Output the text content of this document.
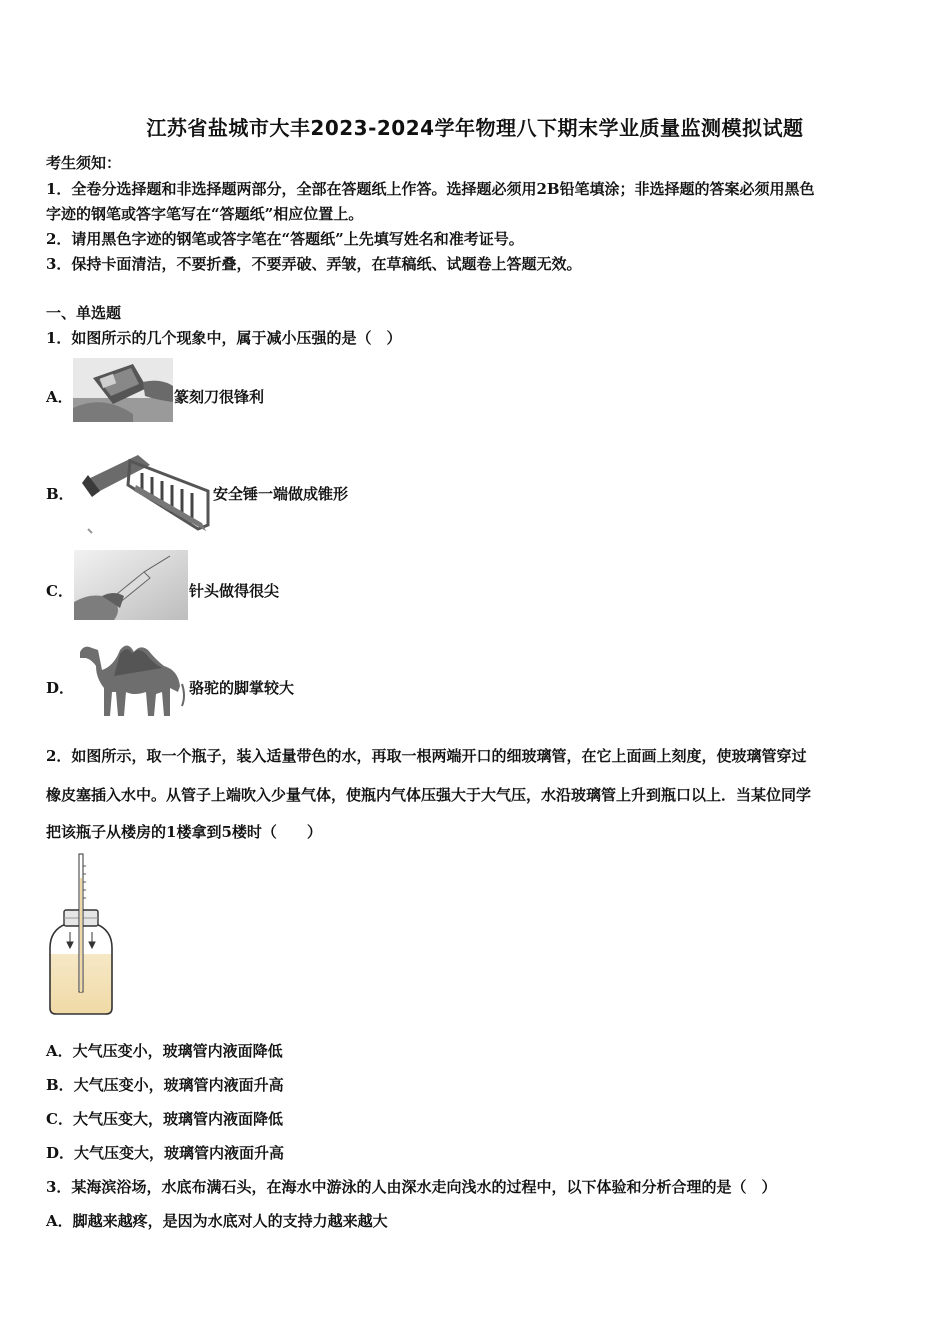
江苏省盐城市大丰2023-2024学年物理八下期末学业质量监测模拟试题
考生须知：
1．全卷分选择题和非选择题两部分，全部在答题纸上作答。选择题必须用2B铅笔填涂；非选择题的答案必须用黑色
字迹的钢笔或答字笔写在“答题纸”相应位置上。
2．请用黑色字迹的钢笔或答字笔在“答题纸”上先填写姓名和准考证号。
3．保持卡面清洁，不要折叠，不要弄破、弄皱，在草稿纸、试题卷上答题无效。
一、单选题
1．如图所示的几个现象中，属于减小压强的是（　）
A．	篆刻刀很锋利
B．	安全锤一端做成锥形
C．	针头做得很尖
D．	骆驼的脚掌较大
2．如图所示，取一个瓶子，装入适量带色的水，再取一根两端开口的细玻璃管，在它上面画上刻度，使玻璃管穿过
橡皮塞插入水中。从管子上端吹入少量气体，使瓶内气体压强大于大气压，水沿玻璃管上升到瓶口以上．当某位同学
把该瓶子从楼房的1楼拿到5楼时（　　）
A．大气压变小，玻璃管内液面降低
B．大气压变小，玻璃管内液面升高
C．大气压变大，玻璃管内液面降低
D．大气压变大，玻璃管内液面升高
3．某海滨浴场，水底布满石头，在海水中游泳的人由深水走向浅水的过程中，以下体验和分析合理的是（　）
A．脚越来越疼，是因为水底对人的支持力越来越大
